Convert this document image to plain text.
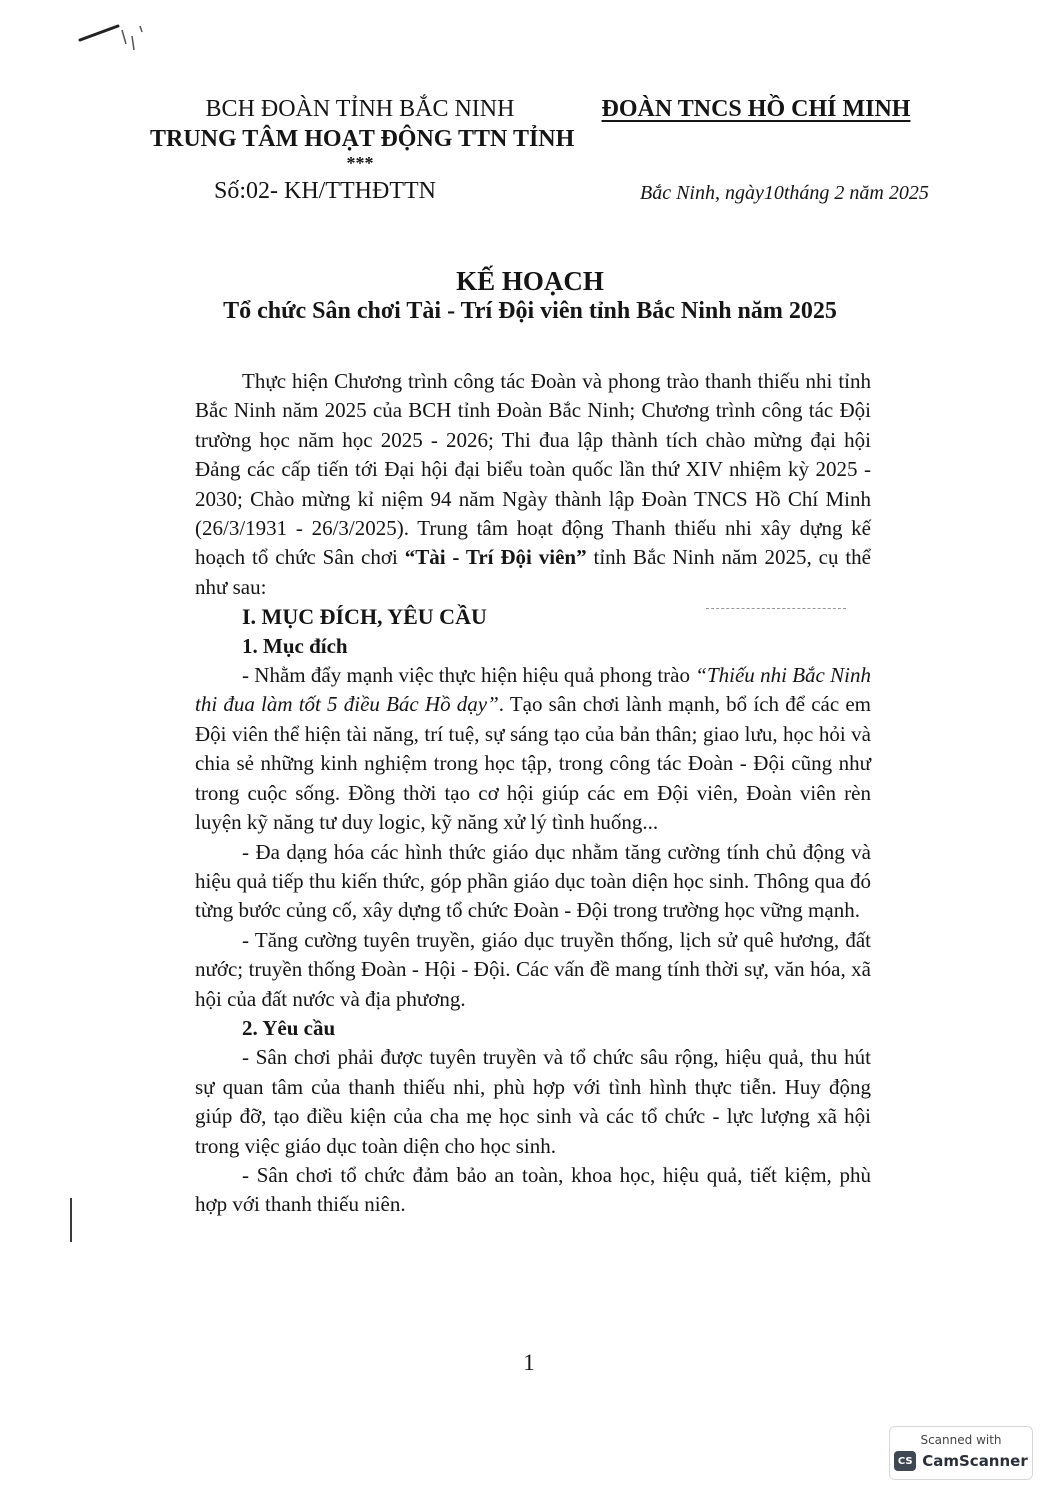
BCH ĐOÀN TỈNH BẮC NINH
TRUNG TÂM HOẠT ĐỘNG TTN TỈNH
***
ĐOÀN TNCS HỒ CHÍ MINH
Số:02- KH/TTHĐTTN	Bắc Ninh, ngày10tháng 2 năm 2025
KẾ HOẠCH
Tổ chức Sân chơi Tài - Trí Đội viên tỉnh Bắc Ninh năm 2025

Thực hiện Chương trình công tác Đoàn và phong trào thanh thiếu nhi tỉnh Bắc Ninh năm 2025 của BCH tỉnh Đoàn Bắc Ninh; Chương trình công tác Đội trường học năm học 2025 - 2026; Thi đua lập thành tích chào mừng đại hội Đảng các cấp tiến tới Đại hội đại biểu toàn quốc lần thứ XIV nhiệm kỳ 2025 - 2030; Chào mừng kỉ niệm 94 năm Ngày thành lập Đoàn TNCS Hồ Chí Minh (26/3/1931 - 26/3/2025). Trung tâm hoạt động Thanh thiếu nhi xây dựng kế hoạch tổ chức Sân chơi “Tài - Trí Đội viên” tỉnh Bắc Ninh năm 2025, cụ thể như sau:

I. MỤC ĐÍCH, YÊU CẦU

1. Mục đích

- Nhằm đẩy mạnh việc thực hiện hiệu quả phong trào “Thiếu nhi Bắc Ninh thi đua làm tốt 5 điều Bác Hồ dạy”. Tạo sân chơi lành mạnh, bổ ích để các em Đội viên thể hiện tài năng, trí tuệ, sự sáng tạo của bản thân; giao lưu, học hỏi và chia sẻ những kinh nghiệm trong học tập, trong công tác Đoàn - Đội cũng như trong cuộc sống. Đồng thời tạo cơ hội giúp các em Đội viên, Đoàn viên rèn luyện kỹ năng tư duy logic, kỹ năng xử lý tình huống...

- Đa dạng hóa các hình thức giáo dục nhằm tăng cường tính chủ động và hiệu quả tiếp thu kiến thức, góp phần giáo dục toàn diện học sinh. Thông qua đó từng bước củng cố, xây dựng tổ chức Đoàn - Đội trong trường học vững mạnh.

- Tăng cường tuyên truyền, giáo dục truyền thống, lịch sử quê hương, đất nước; truyền thống Đoàn - Hội - Đội. Các vấn đề mang tính thời sự, văn hóa, xã hội của đất nước và địa phương.

2. Yêu cầu

- Sân chơi phải được tuyên truyền và tổ chức sâu rộng, hiệu quả, thu hút sự quan tâm của thanh thiếu nhi, phù hợp với tình hình thực tiễn. Huy động giúp đỡ, tạo điều kiện của cha mẹ học sinh và các tổ chức - lực lượng xã hội trong việc giáo dục toàn diện cho học sinh.

- Sân chơi tổ chức đảm bảo an toàn, khoa học, hiệu quả, tiết kiệm, phù hợp với thanh thiếu niên.

1
Scanned with
CS CamScanner
